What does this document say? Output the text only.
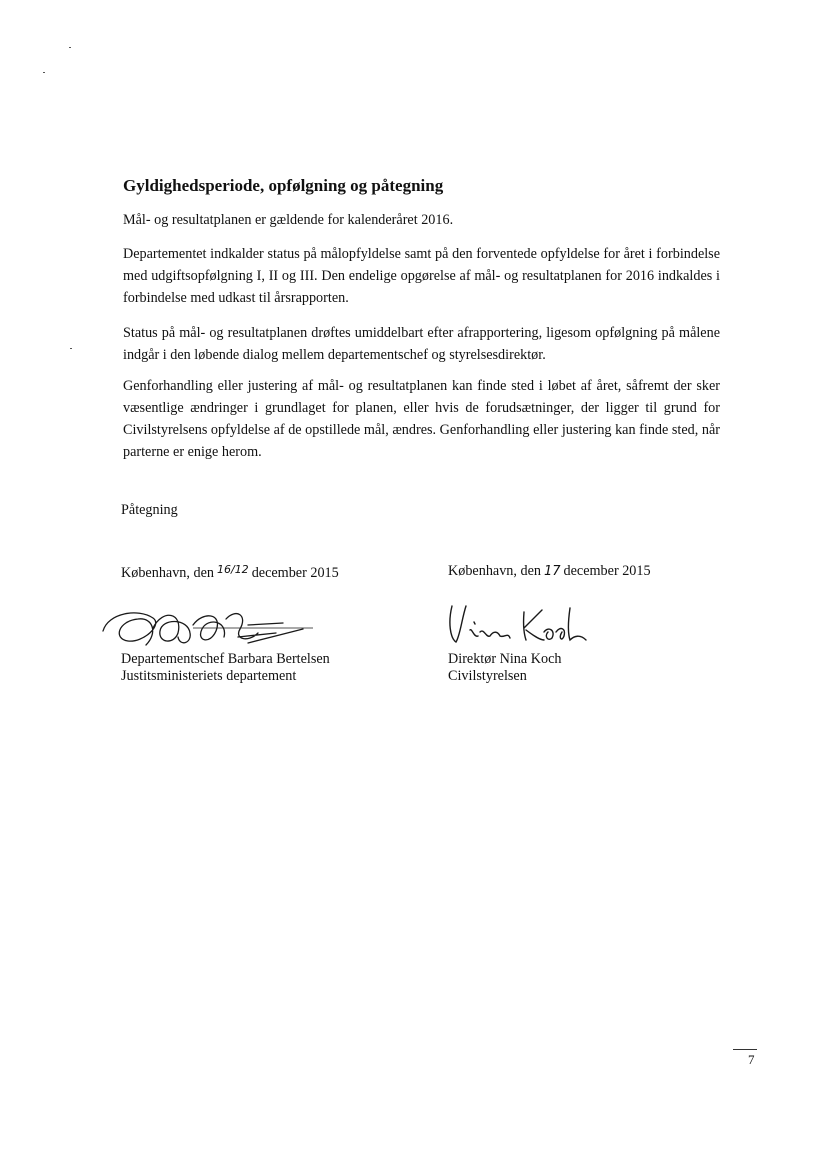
Gyldighedsperiode, opfølgning og påtegning
Mål- og resultatplanen er gældende for kalenderåret 2016.
Departementet indkalder status på målopfyldelse samt på den forventede opfyldelse for året i forbindelse med udgiftsopfølgning I, II og III. Den endelige opgørelse af mål- og resultatplanen for 2016 indkaldes i forbindelse med udkast til årsrapporten.
Status på mål- og resultatplanen drøftes umiddelbart efter afrapportering, ligesom opfølgning på målene indgår i den løbende dialog mellem departementschef og styrelsesdirektør.
Genforhandling eller justering af mål- og resultatplanen kan finde sted i løbet af året, såfremt der sker væsentlige ændringer i grundlaget for planen, eller hvis de forudsætninger, der ligger til grund for Civilstyrelsens opfyldelse af de opstillede mål, ændres. Genforhandling eller justering kan finde sted, når parterne er enige herom.
Påtegning
København, den 16/12 december 2015
Departementschef Barbara Bertelsen
Justitsministeriets departement
København, den 17 december 2015
Direktør Nina Koch
Civilstyrelsen
7
